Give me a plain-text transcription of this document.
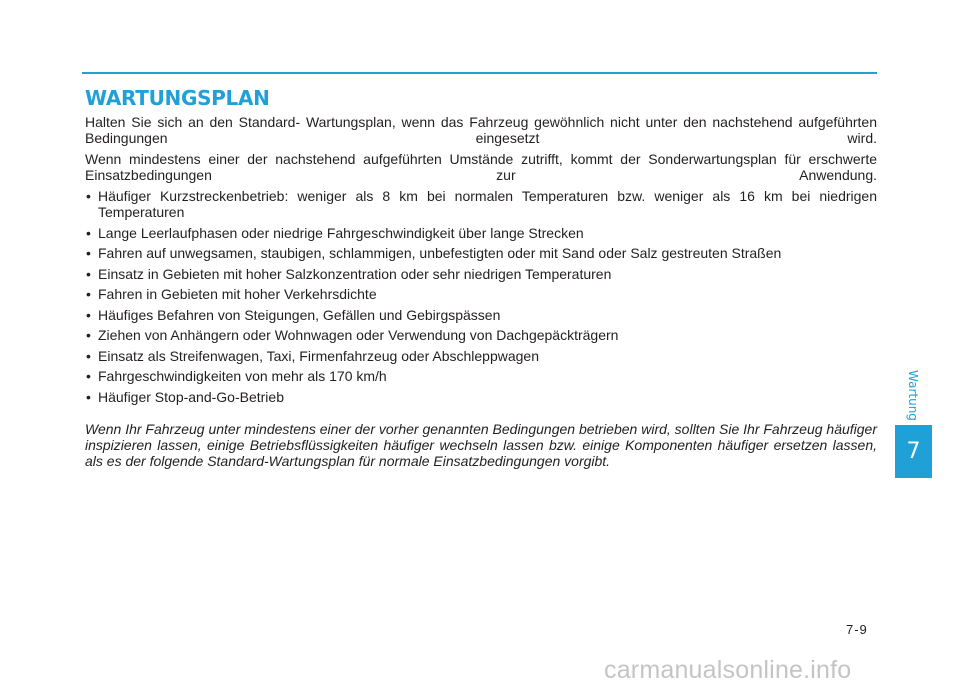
WARTUNGSPLAN

Halten Sie sich an den Standard- Wartungsplan, wenn das Fahrzeug gewöhnlich nicht unter den nachstehend aufgeführten Bedingungen eingesetzt wird.

Wenn mindestens einer der nachstehend aufgeführten Umstände zutrifft, kommt der Sonderwartungsplan für erschwerte Einsatzbedingungen zur Anwendung.

• Häufiger Kurzstreckenbetrieb: weniger als 8 km bei normalen Temperaturen bzw. weniger als 16 km bei niedrigen Temperaturen
• Lange Leerlaufphasen oder niedrige Fahrgeschwindigkeit über lange Strecken
• Fahren auf unwegsamen, staubigen, schlammigen, unbefestigten oder mit Sand oder Salz gestreuten Straßen
• Einsatz in Gebieten mit hoher Salzkonzentration oder sehr niedrigen Temperaturen
• Fahren in Gebieten mit hoher Verkehrsdichte
• Häufiges Befahren von Steigungen, Gefällen und Gebirgspässen
• Ziehen von Anhängern oder Wohnwagen oder Verwendung von Dachgepäckträgern
• Einsatz als Streifenwagen, Taxi, Firmenfahrzeug oder Abschleppwagen
• Fahrgeschwindigkeiten von mehr als 170 km/h
• Häufiger Stop-and-Go-Betrieb

Wenn Ihr Fahrzeug unter mindestens einer der vorher genannten Bedingungen betrieben wird, sollten Sie Ihr Fahrzeug häufiger inspizieren lassen, einige Betriebsflüssigkeiten häufiger wechseln lassen bzw. einige Komponenten häufiger ersetzen lassen, als es der folgende Standard-Wartungsplan für normale Einsatzbedingungen vorgibt.

Wartung
7
7-9
carmanualsonline.info
